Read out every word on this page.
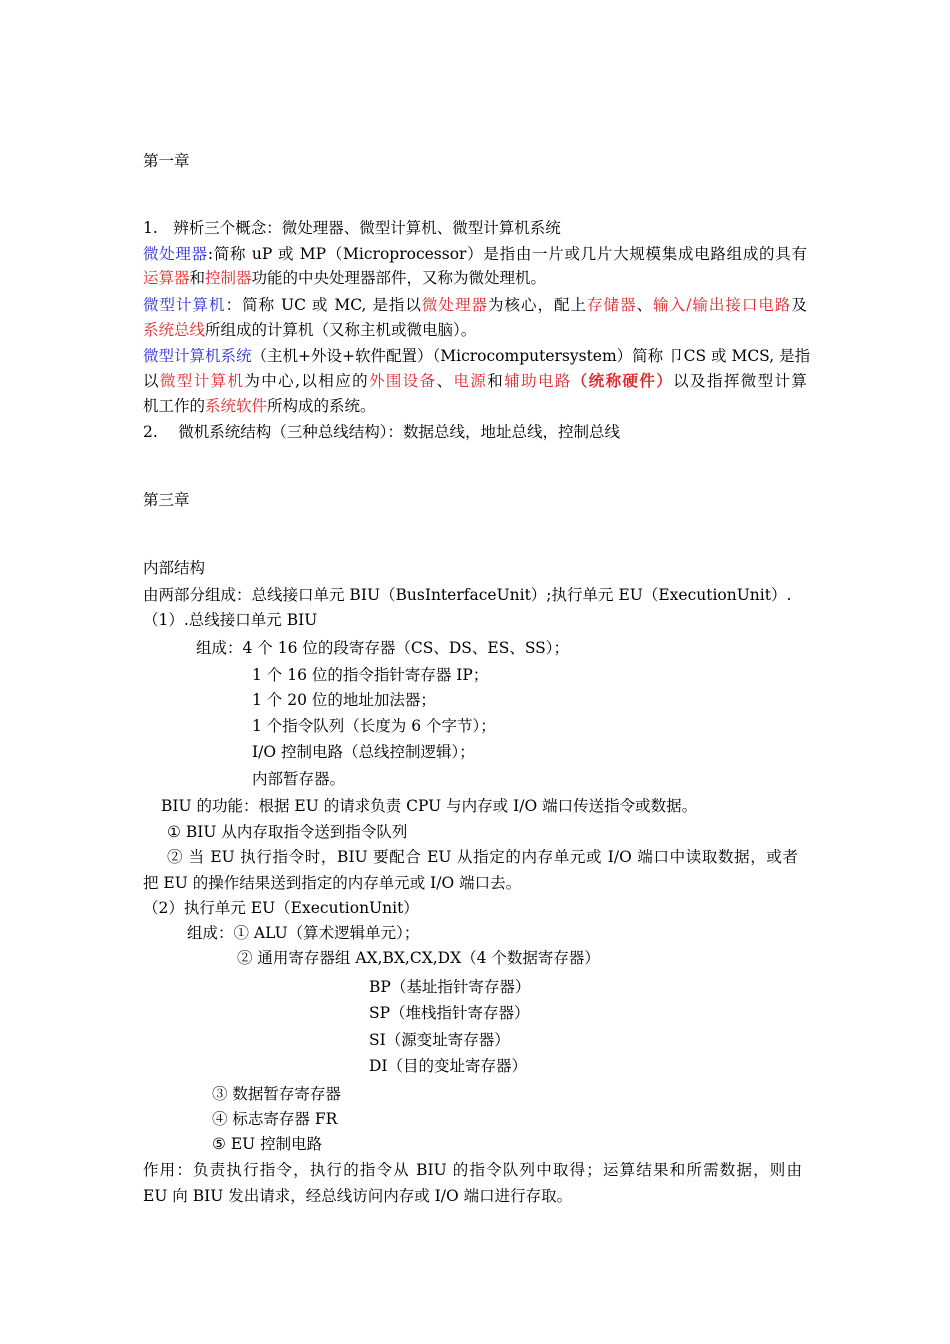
第一章
1.　辨析三个概念：微处理器、微型计算机、微型计算机系统
微处理器:简称 uP 或 MP（Microprocessor）是指由一片或几片大规模集成电路组成的具有
运算器和控制器功能的中央处理器部件，又称为微处理机。
微型计算机：简称 UC 或 MC, 是指以微处理器为核心，配上存储器、输入/输出接口电路及
系统总线所组成的计算机（又称主机或微电脑）。
微型计算机系统（主机+外设+软件配置）（Microcomputersystem）简称 卩CS 或 MCS, 是指
以微型计算机为中心,以相应的外围设备、电源和辅助电路（统称硬件）以及指挥微型计算
机工作的系统软件所构成的系统。
2.　 微机系统结构（三种总线结构）：数据总线，地址总线，控制总线
第三章
内部结构
由两部分组成：总线接口单元 BIU（BusInterfaceUnit）;执行单元 EU（ExecutionUnit）.
（1）.总线接口单元 BIU
组成：4 个 16 位的段寄存器（CS、DS、ES、SS）；
1 个 16 位的指令指针寄存器 IP；
1 个 20 位的地址加法器；
1 个指令队列（长度为 6 个字节）；
I/O 控制电路（总线控制逻辑）；
内部暂存器。
BIU 的功能：根据 EU 的请求负责 CPU 与内存或 I/O 端口传送指令或数据。
① BIU 从内存取指令送到指令队列
② 当 EU 执行指令时，BIU 要配合 EU 从指定的内存单元或 I/O 端口中读取数据，或者
把 EU 的操作结果送到指定的内存单元或 I/O 端口去。
（2）执行单元 EU（ExecutionUnit）
组成：① ALU（算术逻辑单元）；
② 通用寄存器组 AX,BX,CX,DX（4 个数据寄存器）
BP（基址指针寄存器）
SP（堆栈指针寄存器）
SI（源变址寄存器）
DI（目的变址寄存器）
③ 数据暂存寄存器
④ 标志寄存器 FR
⑤ EU 控制电路
作用：负责执行指令，执行的指令从 BIU 的指令队列中取得；运算结果和所需数据，则由
EU 向 BIU 发出请求，经总线访问内存或 I/O 端口进行存取。
